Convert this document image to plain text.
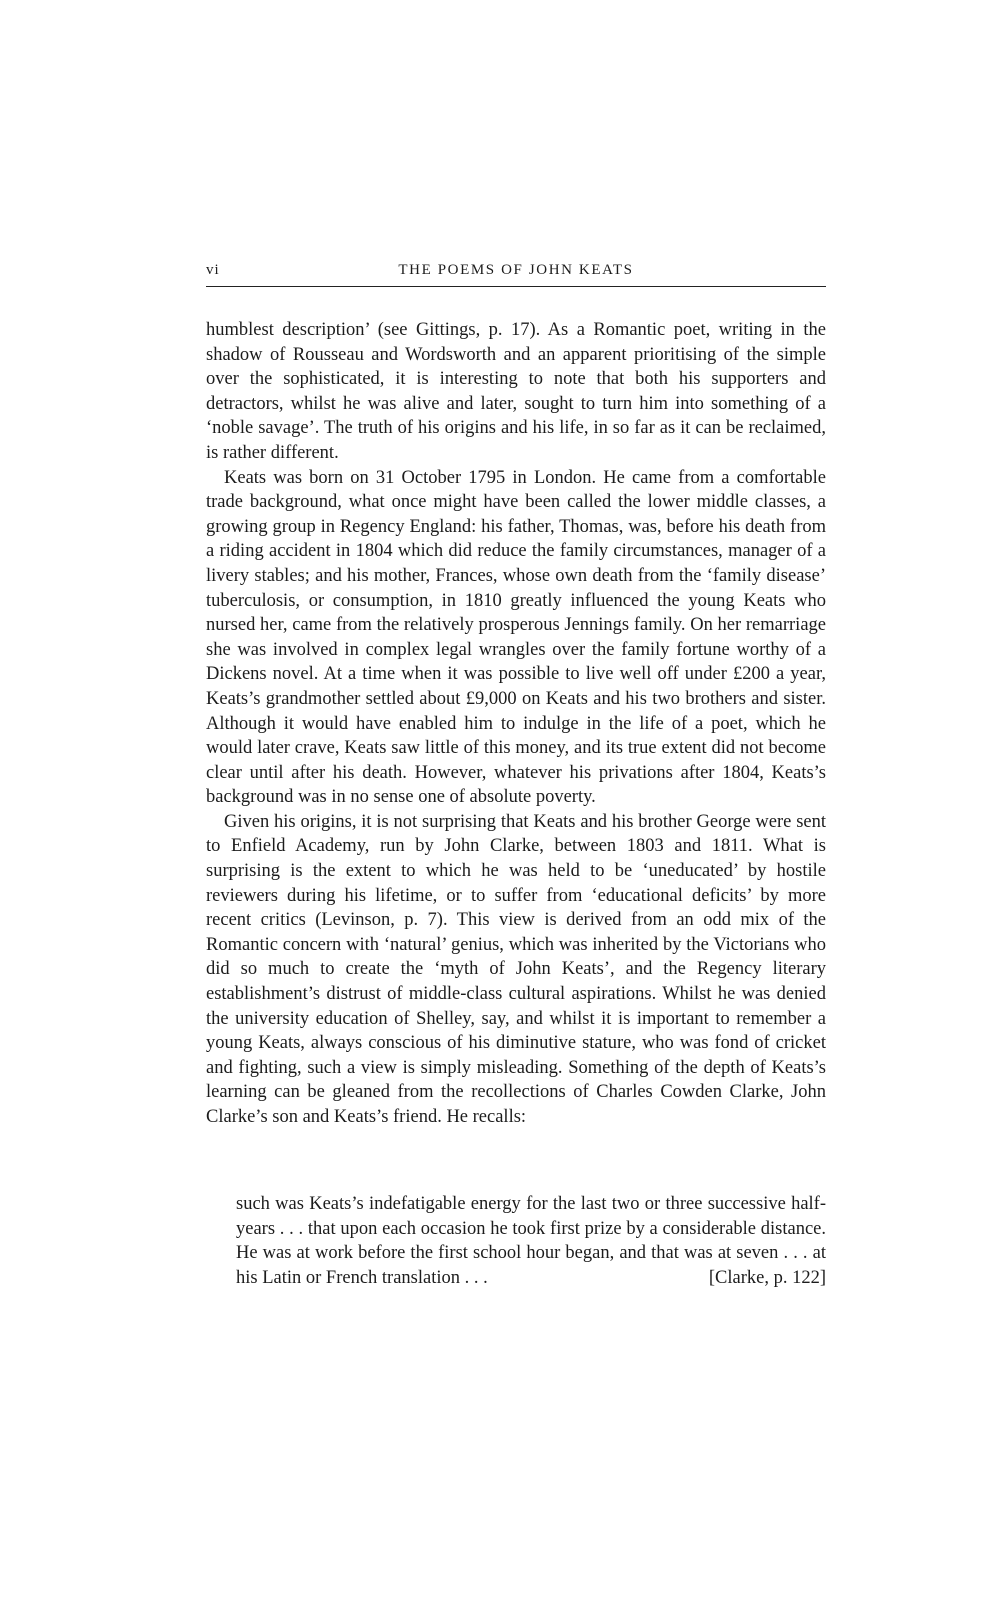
vi	THE POEMS OF JOHN KEATS

humblest description’ (see Gittings, p. 17). As a Romantic poet, writing in the shadow of Rousseau and Wordsworth and an apparent prioritising of the simple over the sophisticated, it is interesting to note that both his supporters and detractors, whilst he was alive and later, sought to turn him into something of a ‘noble savage’. The truth of his origins and his life, in so far as it can be reclaimed, is rather different.

Keats was born on 31 October 1795 in London. He came from a comfortable trade background, what once might have been called the lower middle classes, a growing group in Regency England: his father, Thomas, was, before his death from a riding accident in 1804 which did reduce the family circumstances, manager of a livery stables; and his mother, Frances, whose own death from the ‘family disease’ tuberculosis, or consumption, in 1810 greatly influenced the young Keats who nursed her, came from the relatively prosperous Jennings family. On her remarriage she was involved in complex legal wrangles over the family fortune worthy of a Dickens novel. At a time when it was possible to live well off under £200 a year, Keats’s grandmother settled about £9,000 on Keats and his two brothers and sister. Although it would have enabled him to indulge in the life of a poet, which he would later crave, Keats saw little of this money, and its true extent did not become clear until after his death. However, whatever his privations after 1804, Keats’s background was in no sense one of absolute poverty.

Given his origins, it is not surprising that Keats and his brother George were sent to Enfield Academy, run by John Clarke, between 1803 and 1811. What is surprising is the extent to which he was held to be ‘uneducated’ by hostile reviewers during his lifetime, or to suffer from ‘educational deficits’ by more recent critics (Levinson, p. 7). This view is derived from an odd mix of the Romantic concern with ‘natural’ genius, which was inherited by the Victorians who did so much to create the ‘myth of John Keats’, and the Regency literary establishment’s distrust of middle-class cultural aspirations. Whilst he was denied the university education of Shelley, say, and whilst it is important to remember a young Keats, always conscious of his diminutive stature, who was fond of cricket and fighting, such a view is simply misleading. Something of the depth of Keats’s learning can be gleaned from the recollections of Charles Cowden Clarke, John Clarke’s son and Keats’s friend. He recalls:

such was Keats’s indefatigable energy for the last two or three successive half-years . . . that upon each occasion he took first prize by a considerable distance. He was at work before the first school hour began, and that was at seven . . . at his Latin or French translation . . .	[Clarke, p. 122]
